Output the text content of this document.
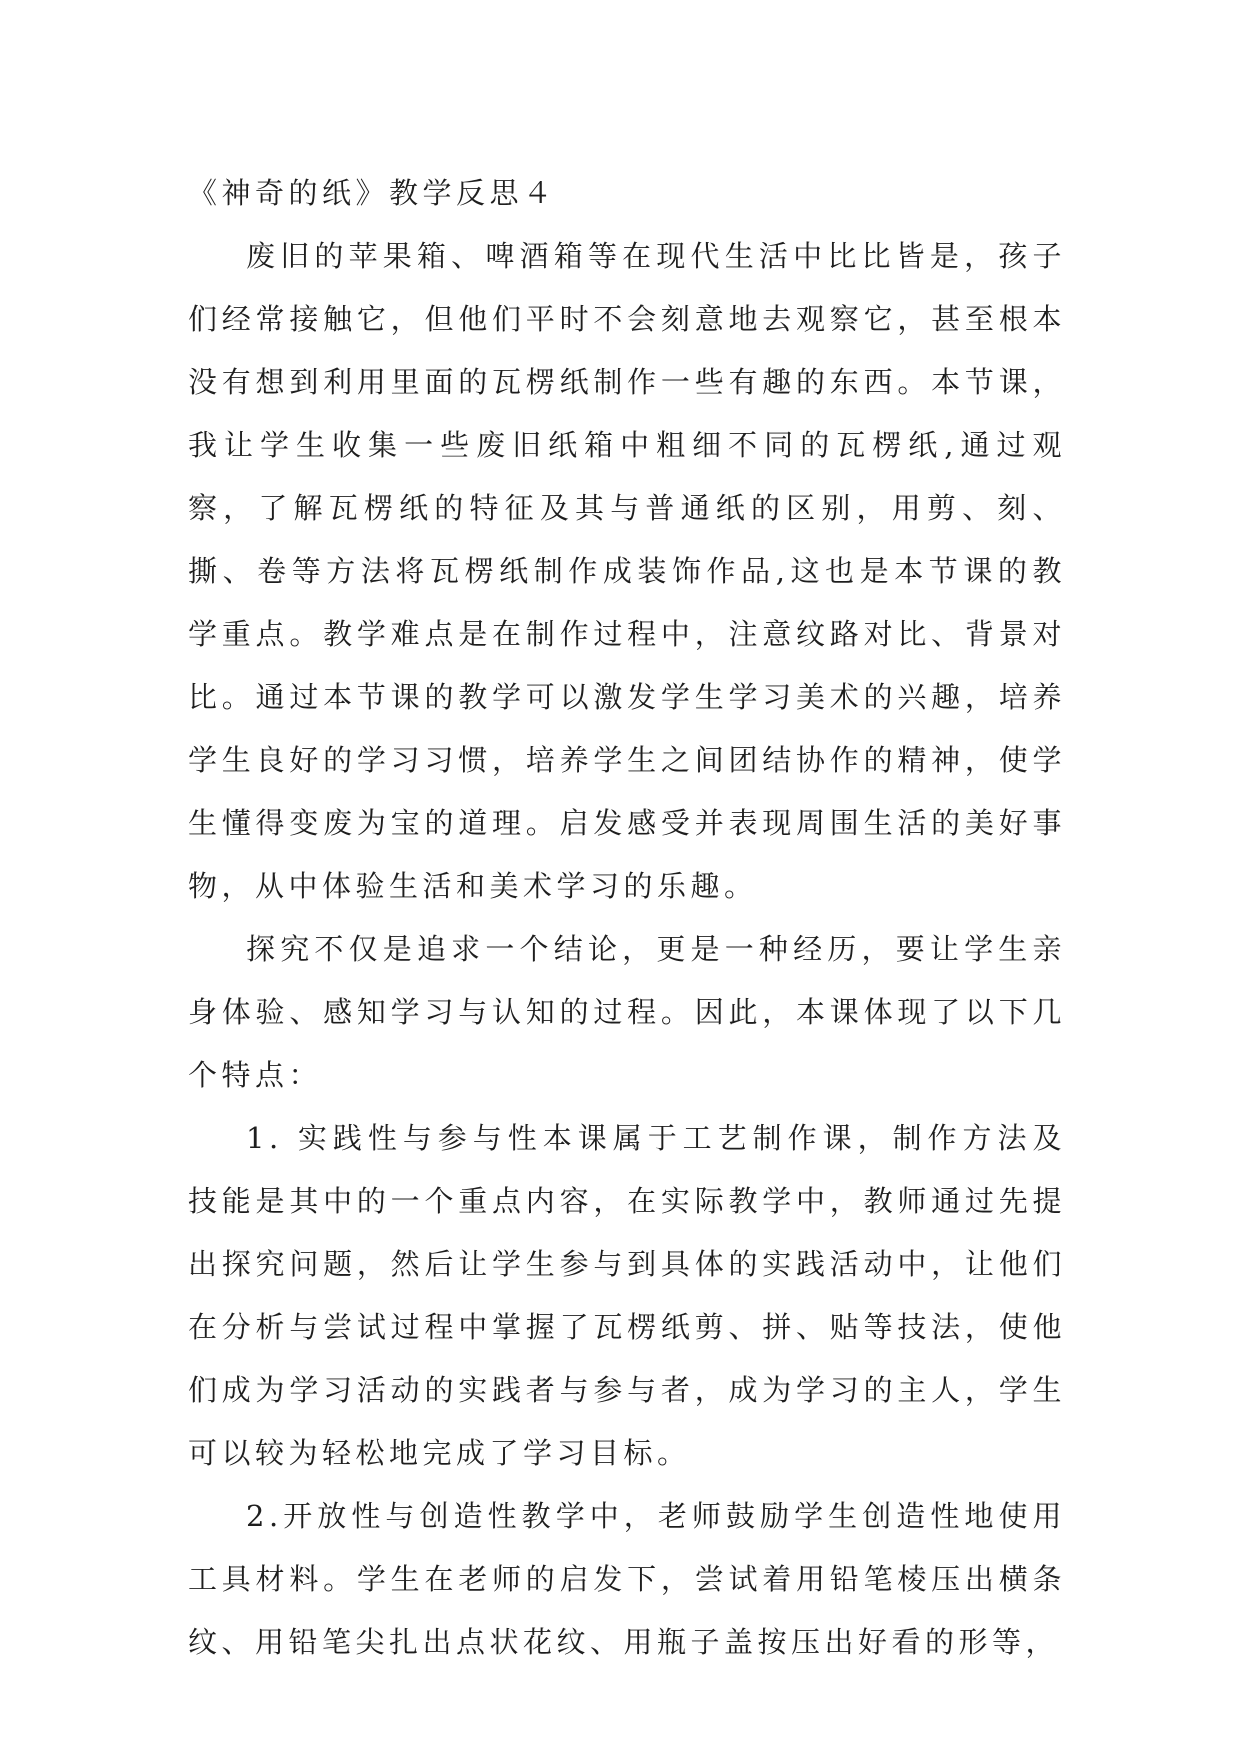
《神奇的纸》教学反思４

废旧的苹果箱、啤酒箱等在现代生活中比比皆是，孩子们经常接触它，但他们平时不会刻意地去观察它，甚至根本没有想到利用里面的瓦楞纸制作一些有趣的东西。本节课，我让学生收集一些废旧纸箱中粗细不同的瓦楞纸,通过观察，了解瓦楞纸的特征及其与普通纸的区别，用剪、刻、撕、卷等方法将瓦楞纸制作成装饰作品,这也是本节课的教学重点。教学难点是在制作过程中，注意纹路对比、背景对比。通过本节课的教学可以激发学生学习美术的兴趣，培养学生良好的学习习惯，培养学生之间团结协作的精神，使学生懂得变废为宝的道理。启发感受并表现周围生活的美好事物，从中体验生活和美术学习的乐趣。

探究不仅是追求一个结论，更是一种经历，要让学生亲身体验、感知学习与认知的过程。因此，本课体现了以下几个特点：

1. 实践性与参与性本课属于工艺制作课，制作方法及技能是其中的一个重点内容，在实际教学中，教师通过先提出探究问题，然后让学生参与到具体的实践活动中，让他们在分析与尝试过程中掌握了瓦楞纸剪、拼、贴等技法，使他们成为学习活动的实践者与参与者，成为学习的主人，学生可以较为轻松地完成了学习目标。

2.开放性与创造性教学中，老师鼓励学生创造性地使用工具材料。学生在老师的启发下，尝试着用铅笔棱压出横条纹、用铅笔尖扎出点状花纹、用瓶子盖按压出好看的形等，
